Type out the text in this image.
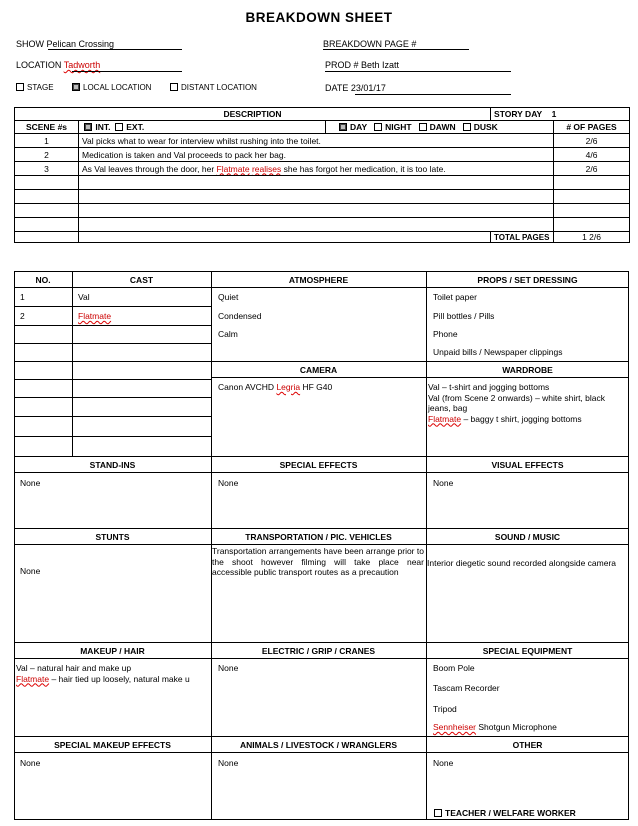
BREAKDOWN SHEET
SHOW Pelican Crossing	BREAKDOWN PAGE #
LOCATION Tadworth	PROD # Beth Izatt
STAGE	LOCAL LOCATION	DISTANT LOCATION	DATE 23/01/17
DESCRIPTION			STORY DAY 1	
SCENE #s	INT. EXT.	DAY NIGHT DAWN DUSK		# OF PAGES
1	Val picks what to wear for interview whilst rushing into the toilet.			2/6
2	Medication is taken and Val proceeds to pack her bag.			4/6
3	As Val leaves through the door, her Flatmate realises she has forgot her medication, it is too late.			2/6

			TOTAL PAGES	1 2/6
NO.	CAST
1	Val
2	Flatmate
ATMOSPHERE
Quiet
Condensed
Calm
PROPS / SET DRESSING
Toilet paper
Pill bottles / Pills
Phone
Unpaid bills / Newspaper clippings
CAMERA
Canon AVCHD Legria HF G40
WARDROBE
Val – t-shirt and jogging bottoms
Val (from Scene 2 onwards) – white shirt, black jeans, bag
Flatmate – baggy t shirt, jogging bottoms
STAND-INS
None
SPECIAL EFFECTS
None
VISUAL EFFECTS
None
STUNTS
None
TRANSPORTATION / PIC. VEHICLES
Transportation arrangements have been arrange prior to the shoot however filming will take place near accessible public transport routes as a precaution
SOUND / MUSIC
Interior diegetic sound recorded alongside camera
MAKEUP / HAIR
Val – natural hair and make up
Flatmate – hair tied up loosely, natural make u
ELECTRIC / GRIP / CRANES
None
SPECIAL EQUIPMENT
Boom Pole
Tascam Recorder
Tripod
Sennheiser Shotgun Microphone
SPECIAL MAKEUP EFFECTS
None
ANIMALS / LIVESTOCK / WRANGLERS
None
OTHER
None
TEACHER / WELFARE WORKER
